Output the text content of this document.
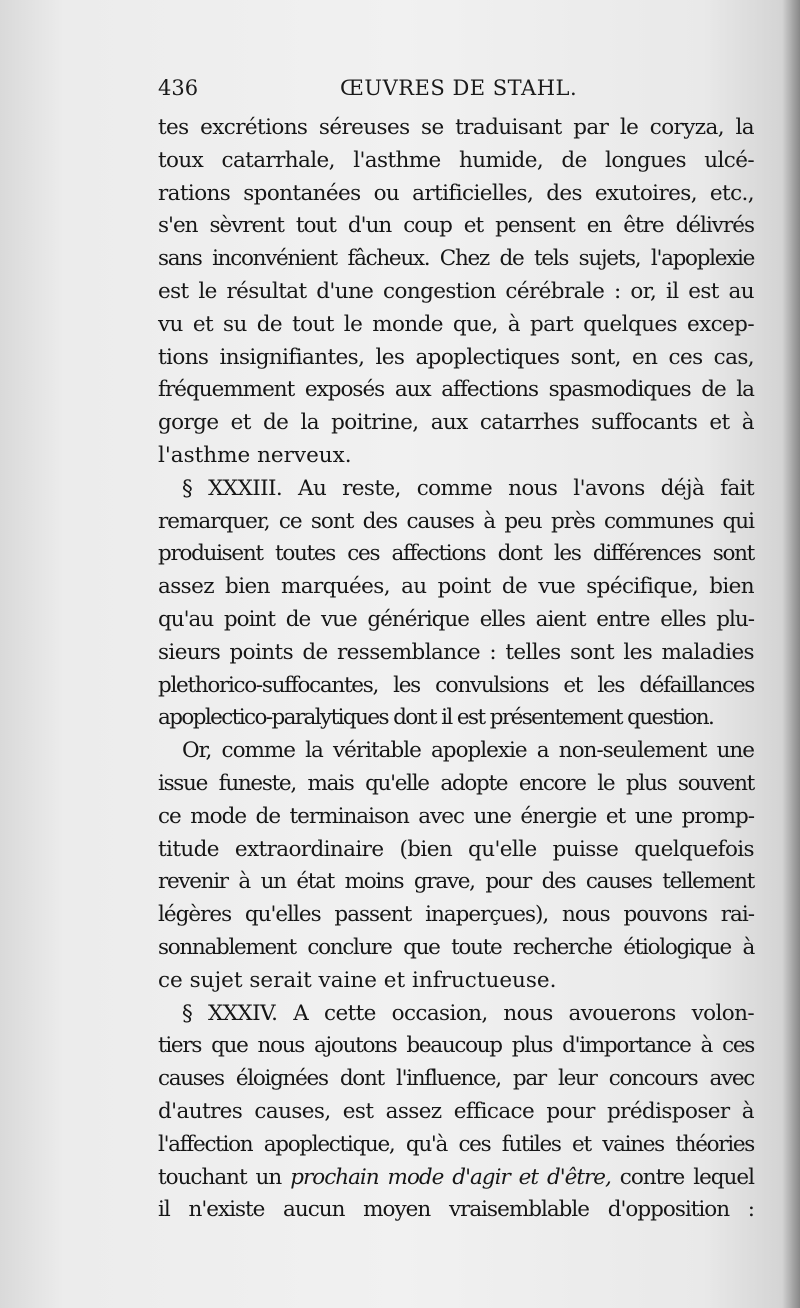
436	ŒUVRES DE STAHL.
tes excrétions séreuses se traduisant par le coryza, la
toux catarrhale, l'asthme humide, de longues ulcé-
rations spontanées ou artificielles, des exutoires, etc.,
s'en sèvrent tout d'un coup et pensent en être délivrés
sans inconvénient fâcheux. Chez de tels sujets, l'apoplexie
est le résultat d'une congestion cérébrale : or, il est au
vu et su de tout le monde que, à part quelques excep-
tions insignifiantes, les apoplectiques sont, en ces cas,
fréquemment exposés aux affections spasmodiques de la
gorge et de la poitrine, aux catarrhes suffocants et à
l'asthme nerveux.
§ XXXIII. Au reste, comme nous l'avons déjà fait
remarquer, ce sont des causes à peu près communes qui
produisent toutes ces affections dont les différences sont
assez bien marquées, au point de vue spécifique, bien
qu'au point de vue générique elles aient entre elles plu-
sieurs points de ressemblance : telles sont les maladies
plethorico-suffocantes, les convulsions et les défaillances
apoplectico-paralytiques dont il est présentement question.
Or, comme la véritable apoplexie a non-seulement une
issue funeste, mais qu'elle adopte encore le plus souvent
ce mode de terminaison avec une énergie et une promp-
titude extraordinaire (bien qu'elle puisse quelquefois
revenir à un état moins grave, pour des causes tellement
légères qu'elles passent inaperçues), nous pouvons rai-
sonnablement conclure que toute recherche étiologique à
ce sujet serait vaine et infructueuse.
§ XXXIV. A cette occasion, nous avouerons volon-
tiers que nous ajoutons beaucoup plus d'importance à ces
causes éloignées dont l'influence, par leur concours avec
d'autres causes, est assez efficace pour prédisposer à
l'affection apoplectique, qu'à ces futiles et vaines théories
touchant un prochain mode d'agir et d'être, contre lequel
il n'existe aucun moyen vraisemblable d'opposition :
